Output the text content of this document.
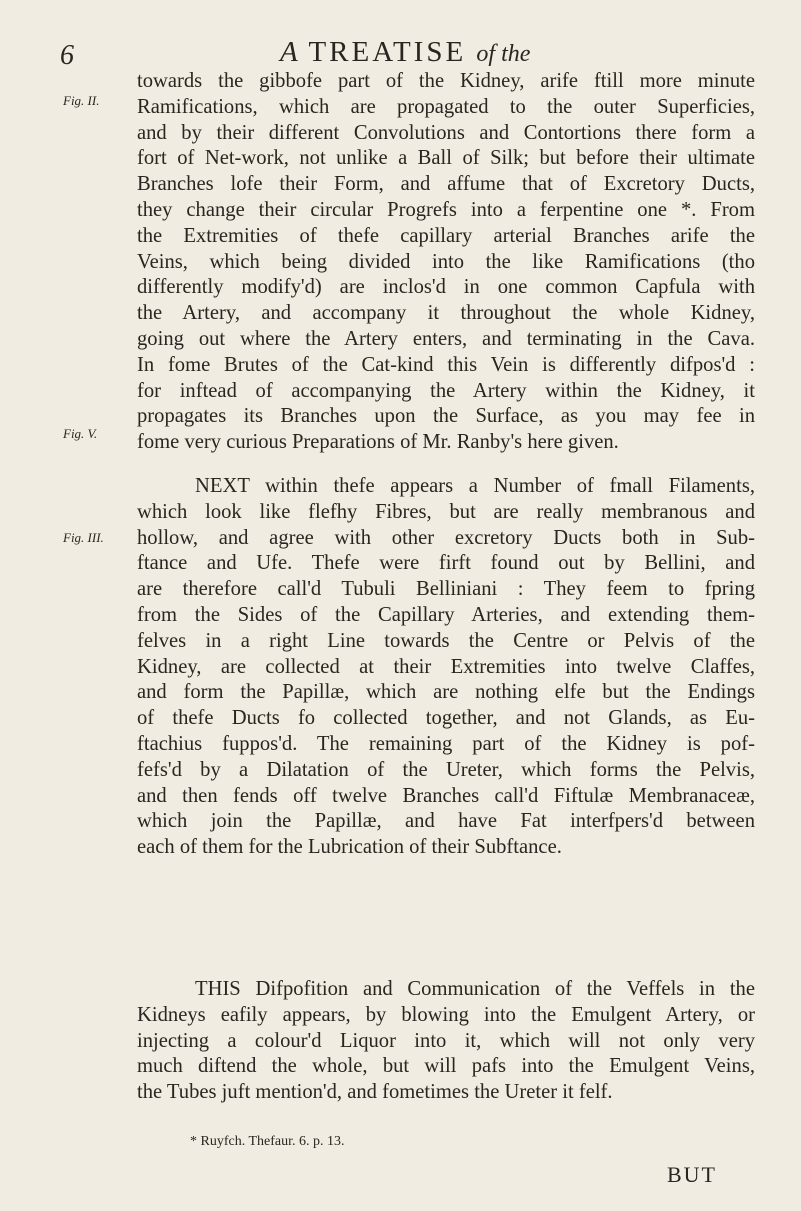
6	A TREATISE of the
Fig. II.
Fig. V.
Fig. III.
towards the gibbofe part of the Kidney, arife ftill more minute
Ramifications, which are propagated to the outer Superficies,
and by their different Convolutions and Contortions there form a
fort of Net-work, not unlike a Ball of Silk; but before their ultimate
Branches lofe their Form, and affume that of Excretory Ducts,
they change their circular Progrefs into a ferpentine one *. From
the Extremities of thefe capillary arterial Branches arife the
Veins, which being divided into the like Ramifications (tho
differently modify'd) are inclos'd in one common Capfula with
the Artery, and accompany it throughout the whole Kidney,
going out where the Artery enters, and terminating in the Cava.
In fome Brutes of the Cat-kind this Vein is differently difpos'd :
for inftead of accompanying the Artery within the Kidney, it
propagates its Branches upon the Surface, as you may fee in
fome very curious Preparations of Mr. Ranby's here given.
NEXT within thefe appears a Number of fmall Filaments,
which look like flefhy Fibres, but are really membranous and
hollow, and agree with other excretory Ducts both in Sub-
ftance and Ufe. Thefe were firft found out by Bellini, and
are therefore call'd Tubuli Belliniani : They feem to fpring
from the Sides of the Capillary Arteries, and extending them-
felves in a right Line towards the Centre or Pelvis of the
Kidney, are collected at their Extremities into twelve Claffes,
and form the Papillæ, which are nothing elfe but the Endings
of thefe Ducts fo collected together, and not Glands, as Eu-
ftachius fuppos'd. The remaining part of the Kidney is pof-
fefs'd by a Dilatation of the Ureter, which forms the Pelvis,
and then fends off twelve Branches call'd Fiftulæ Membranaceæ,
which join the Papillæ, and have Fat interfpers'd between
each of them for the Lubrication of their Subftance.
THIS Difpofition and Communication of the Veffels in the
Kidneys eafily appears, by blowing into the Emulgent Artery, or
injecting a colour'd Liquor into it, which will not only very
much diftend the whole, but will pafs into the Emulgent Veins,
the Tubes juft mention'd, and fometimes the Ureter it felf.
* Ruyfch. Thefaur. 6. p. 13.
BUT
